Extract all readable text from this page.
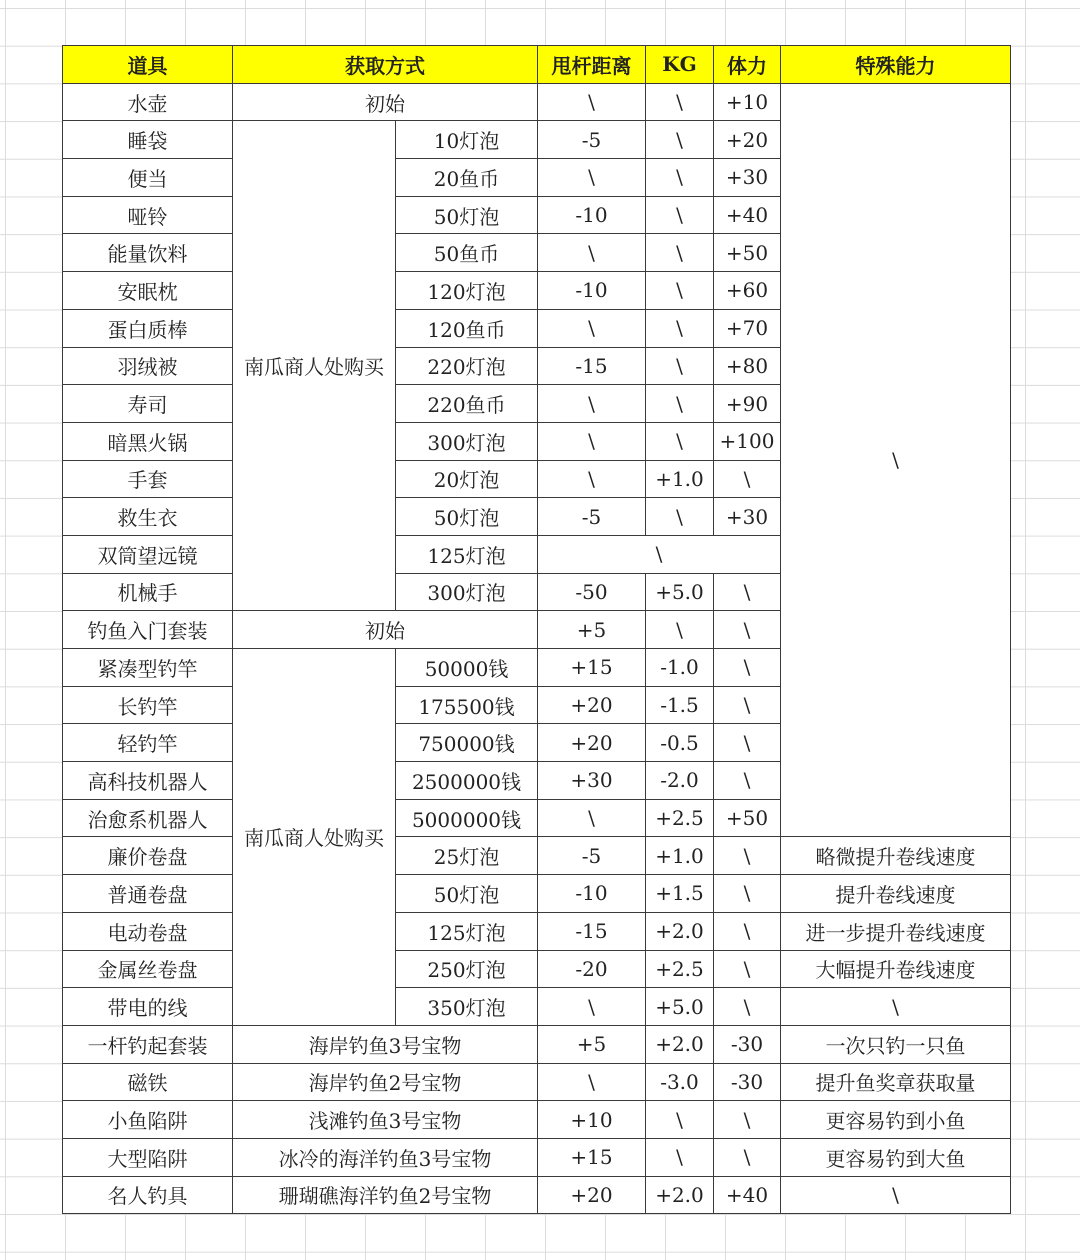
道具	获取方式		甩杆距离	KG	体力	特殊能力
水壶	初始		\	\	+10	\
睡袋	南瓜商人处购买	10灯泡	-5	\	+20	
便当		20鱼币	\	\	+30	
哑铃		50灯泡	-10	\	+40	
能量饮料		50鱼币	\	\	+50	
安眠枕		120灯泡	-10	\	+60	
蛋白质棒		120鱼币	\	\	+70	
羽绒被		220灯泡	-15	\	+80	
寿司		220鱼币	\	\	+90	
暗黑火锅		300灯泡	\	\	+100	
手套		20灯泡	\	+1.0	\	
救生衣		50灯泡	-5	\	+30	
双筒望远镜		125灯泡	\			
机械手		300灯泡	-50	+5.0	\	
钓鱼入门套装	初始		+5	\	\	
紧凑型钓竿	南瓜商人处购买	50000钱	+15	-1.0	\	
长钓竿		175500钱	+20	-1.5	\	
轻钓竿		750000钱	+20	-0.5	\	
高科技机器人		2500000钱	+30	-2.0	\	
治愈系机器人		5000000钱	\	+2.5	+50	
廉价卷盘		25灯泡	-5	+1.0	\	略微提升卷线速度
普通卷盘		50灯泡	-10	+1.5	\	提升卷线速度
电动卷盘		125灯泡	-15	+2.0	\	进一步提升卷线速度
金属丝卷盘		250灯泡	-20	+2.5	\	大幅提升卷线速度
带电的线		350灯泡	\	+5.0	\	\
一杆钓起套装	海岸钓鱼3号宝物		+5	+2.0	-30	一次只钓一只鱼
磁铁	海岸钓鱼2号宝物		\	-3.0	-30	提升鱼奖章获取量
小鱼陷阱	浅滩钓鱼3号宝物		+10	\	\	更容易钓到小鱼
大型陷阱	冰冷的海洋钓鱼3号宝物		+15	\	\	更容易钓到大鱼
名人钓具	珊瑚礁海洋钓鱼2号宝物		+20	+2.0	+40	\
